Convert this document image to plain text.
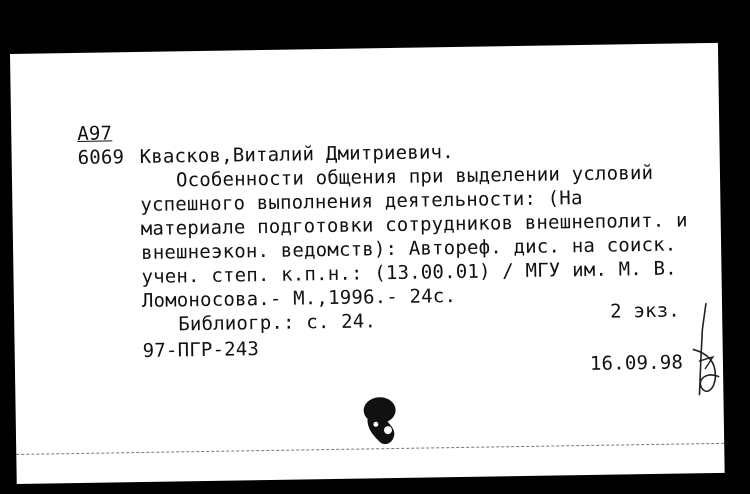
А97
6069 Квасков,Виталий Дмитриевич.
Особенности общения при выделении условий
успешного выполнения деятельности: (На
материале подготовки сотрудников внешнеполит. и
внешнеэкон. ведомств): Автореф. дис. на соиск.
учен. степ. к.п.н.: (13.00.01) / МГУ им. М. В.
Ломоносова.- М.,1996.- 24с.
Библиогр.: с. 24.	2 экз.
97-ПГР-243
16.09.98
